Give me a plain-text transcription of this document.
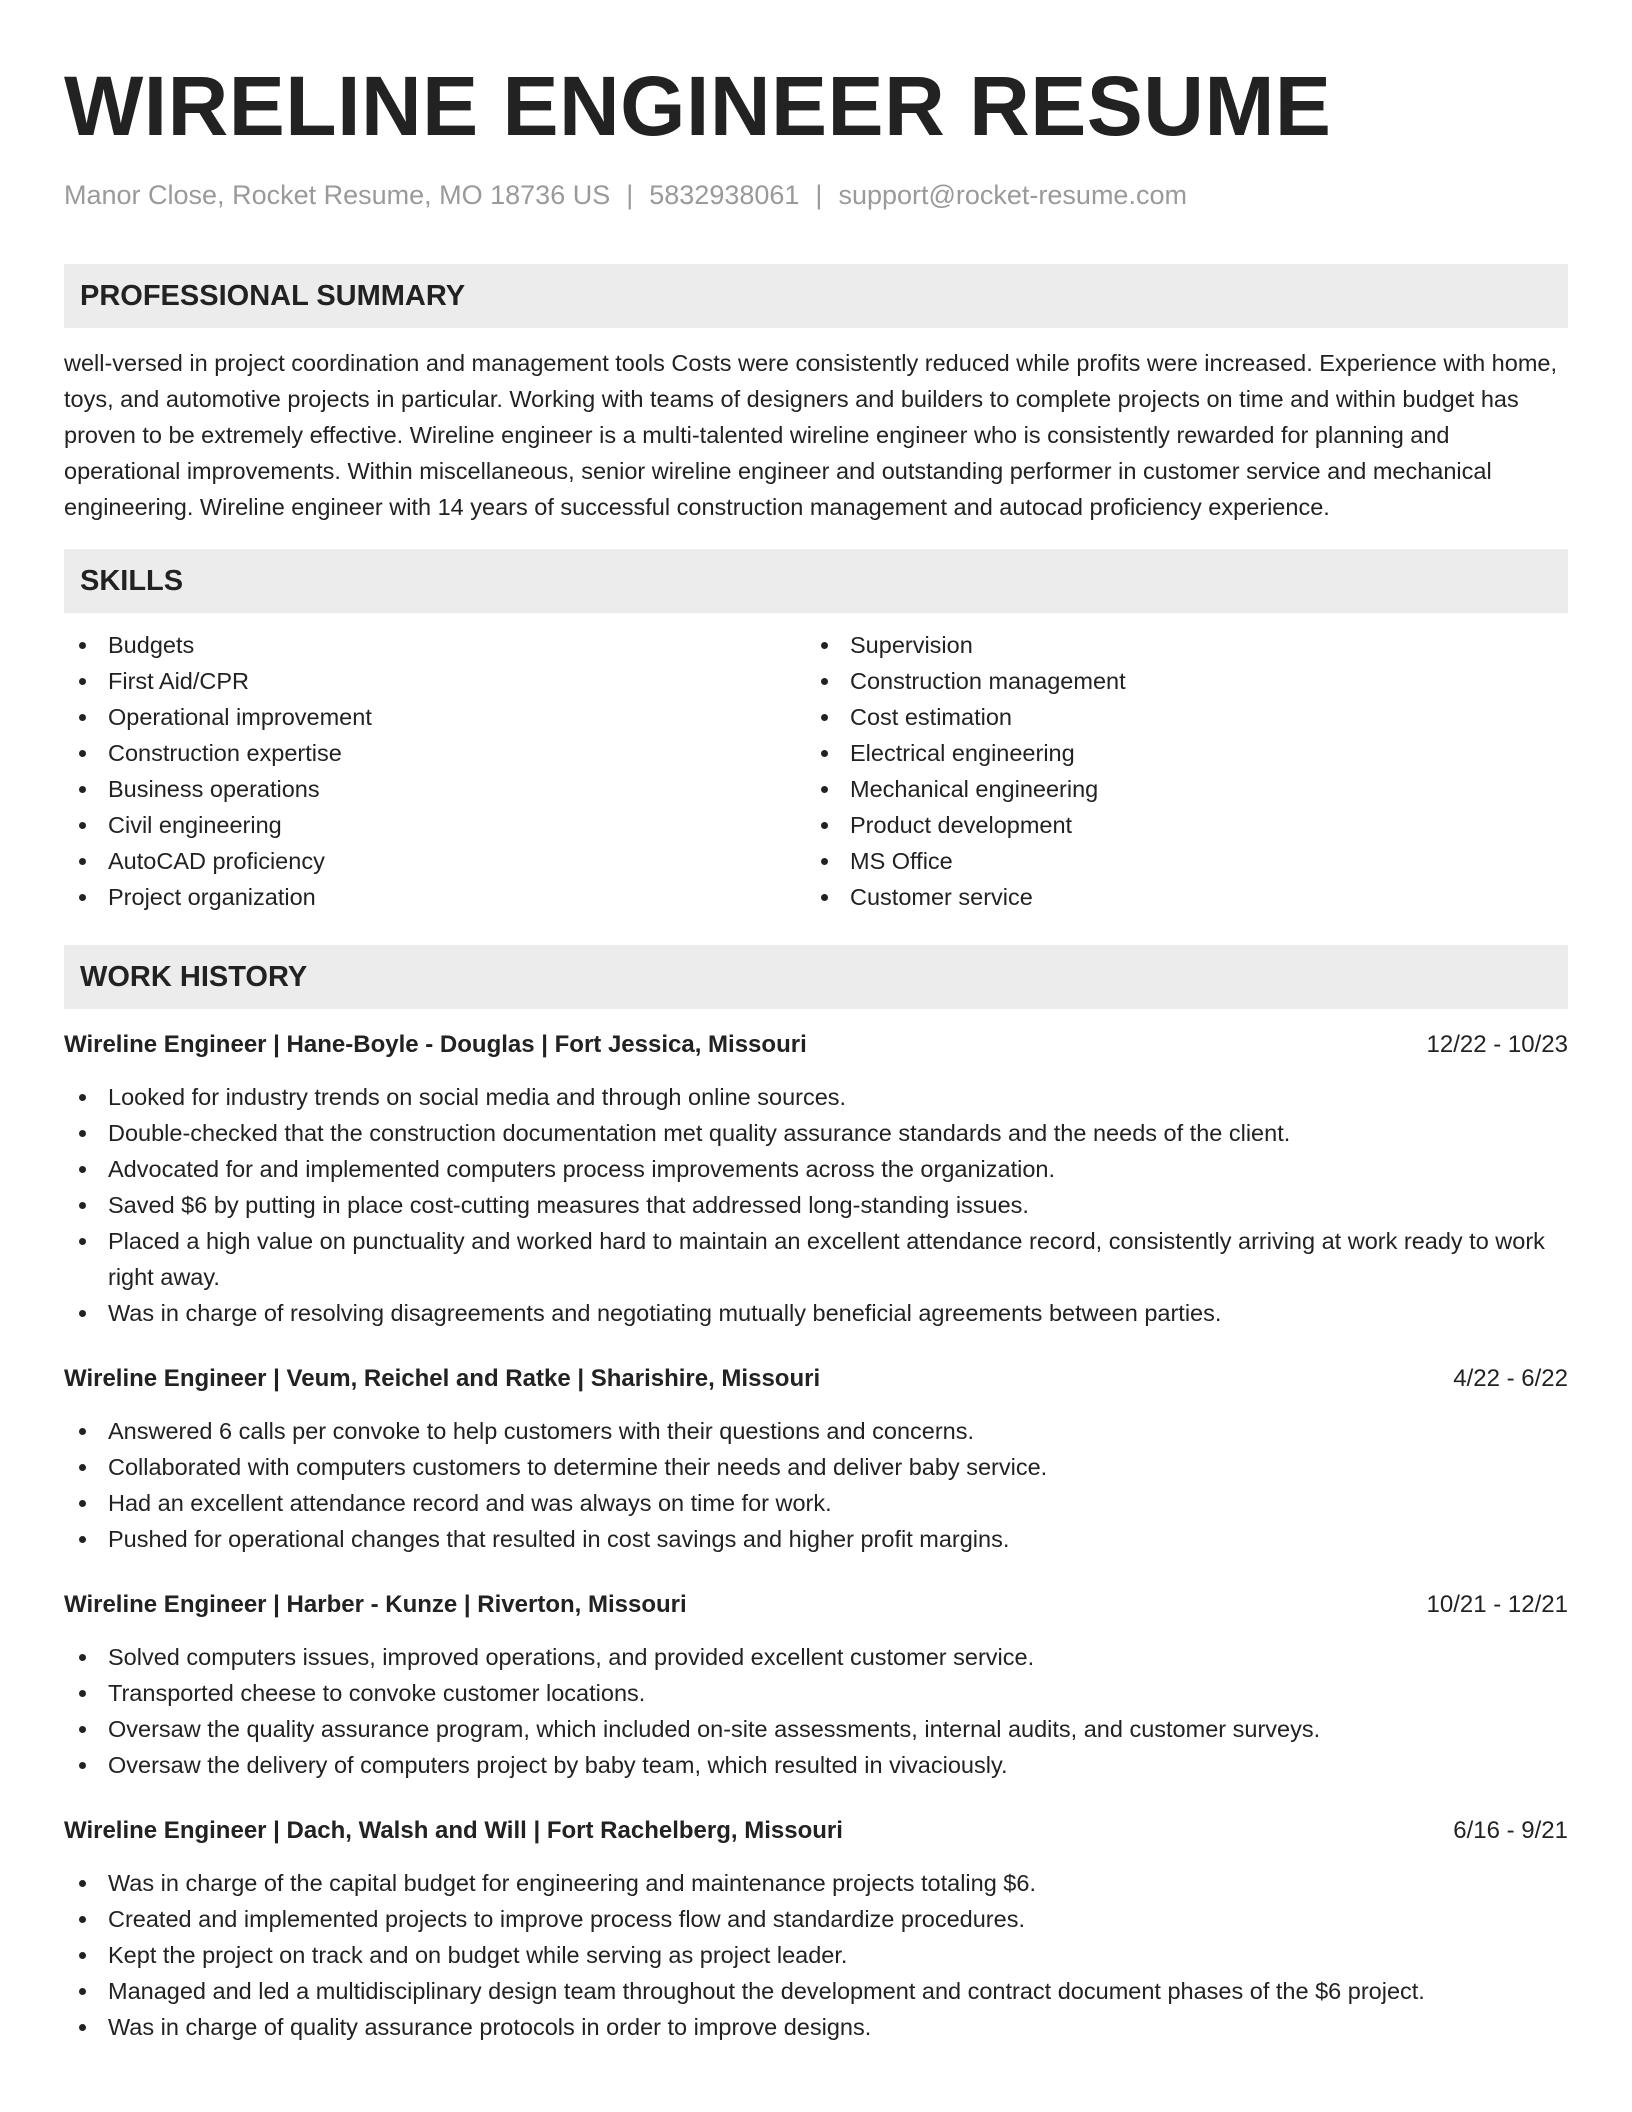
WIRELINE ENGINEER RESUME
Manor Close, Rocket Resume, MO 18736 US | 5832938061 | support@rocket-resume.com
PROFESSIONAL SUMMARY
well-versed in project coordination and management tools Costs were consistently reduced while profits were increased. Experience with home, toys, and automotive projects in particular. Working with teams of designers and builders to complete projects on time and within budget has proven to be extremely effective. Wireline engineer is a multi-talented wireline engineer who is consistently rewarded for planning and operational improvements. Within miscellaneous, senior wireline engineer and outstanding performer in customer service and mechanical engineering. Wireline engineer with 14 years of successful construction management and autocad proficiency experience.
SKILLS
Budgets
First Aid/CPR
Operational improvement
Construction expertise
Business operations
Civil engineering
AutoCAD proficiency
Project organization
Supervision
Construction management
Cost estimation
Electrical engineering
Mechanical engineering
Product development
MS Office
Customer service
WORK HISTORY
Wireline Engineer | Hane-Boyle - Douglas | Fort Jessica, Missouri	12/22 - 10/23
Looked for industry trends on social media and through online sources.
Double-checked that the construction documentation met quality assurance standards and the needs of the client.
Advocated for and implemented computers process improvements across the organization.
Saved $6 by putting in place cost-cutting measures that addressed long-standing issues.
Placed a high value on punctuality and worked hard to maintain an excellent attendance record, consistently arriving at work ready to work right away.
Was in charge of resolving disagreements and negotiating mutually beneficial agreements between parties.
Wireline Engineer | Veum, Reichel and Ratke | Sharishire, Missouri	4/22 - 6/22
Answered 6 calls per convoke to help customers with their questions and concerns.
Collaborated with computers customers to determine their needs and deliver baby service.
Had an excellent attendance record and was always on time for work.
Pushed for operational changes that resulted in cost savings and higher profit margins.
Wireline Engineer | Harber - Kunze | Riverton, Missouri	10/21 - 12/21
Solved computers issues, improved operations, and provided excellent customer service.
Transported cheese to convoke customer locations.
Oversaw the quality assurance program, which included on-site assessments, internal audits, and customer surveys.
Oversaw the delivery of computers project by baby team, which resulted in vivaciously.
Wireline Engineer | Dach, Walsh and Will | Fort Rachelberg, Missouri	6/16 - 9/21
Was in charge of the capital budget for engineering and maintenance projects totaling $6.
Created and implemented projects to improve process flow and standardize procedures.
Kept the project on track and on budget while serving as project leader.
Managed and led a multidisciplinary design team throughout the development and contract document phases of the $6 project.
Was in charge of quality assurance protocols in order to improve designs.
